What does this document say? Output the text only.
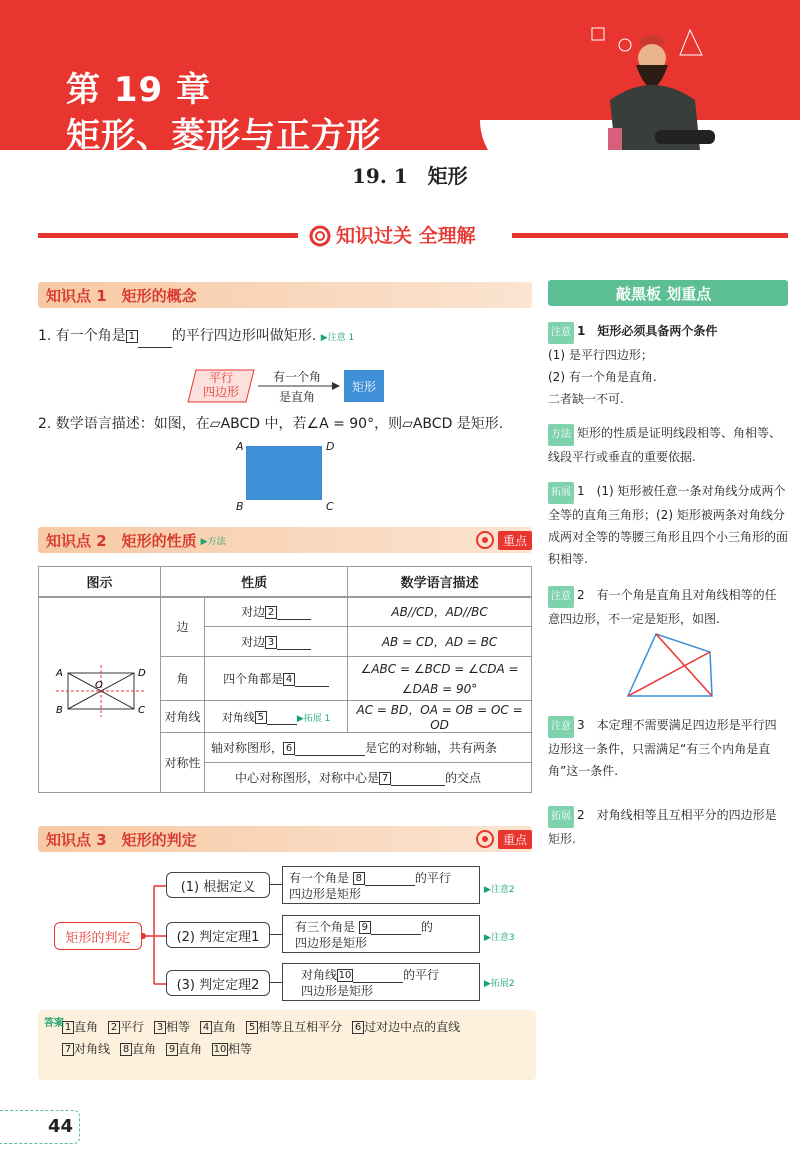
第 19 章
矩形、菱形与正方形
19. 1　矩形
知识过关 全理解
知识点 1　矩形的概念
1. 有一个角是 1	的平行四边形叫做矩形. ▶注意 1
平行
四边形
有一个角
是直角
矩形
2. 数学语言描述：如图，在▱ABCD 中，若∠A = 90°，则▱ABCD 是矩形.
A	D
B	C
知识点 2　矩形的性质 ▶方法	重点
图示	性质		数学语言描述

A D
B C
O	边	对边 2	AB//CD，AD//BC
		对边 3	AB = CD，AD = BC
	角	四个角都是 4	∠ABC = ∠BCD = ∠CDA =
∠DAB = 90°

	对角线	对角线 5 ▶拓展 1	AC = BD，OA = OB = OC = OD
	对称性	轴对称图形， 6 是它的对称轴，共有两条	
		中心对称图形，对称中心是 7 的交点	
知识点 3　矩形的判定	重点
矩形的判定
(1) 根据定义
(2) 判定定理1
(3) 判定定理2
有一个角是 8	的平行
四边形是矩形
有三个角是 9	的
四边形是矩形
对角线 10	的平行
四边形是矩形
▶注意2
▶注意3
▶拓展2
答案 1 直角 2 平行 3 相等 4 直角 5 相等且互相平分 6 过对边中点的直线
7 对角线 8 直角 9 直角 10 相等
敲黑板 划重点
注意 1　矩形必须具备两个条件
(1) 是平行四边形；
(2) 有一个角是直角.
二者缺一不可.
方法 矩形的性质是证明线段相等、角相等、线段平行或垂直的重要依据.
拓展 1　(1) 矩形被任意一条对角线分成两个全等的直角三角形；(2) 矩形被两条对角线分成两对全等的等腰三角形且四个小三角形的面积相等.
注意 2　有一个角是直角且对角线相等的任意四边形，不一定是矩形，如图.
注意 3　本定理不需要满足四边形是平行四边形这一条件，只需满足“有三个内角是直角”这一条件.
拓展 2　对角线相等且互相平分的四边形是矩形.
44
